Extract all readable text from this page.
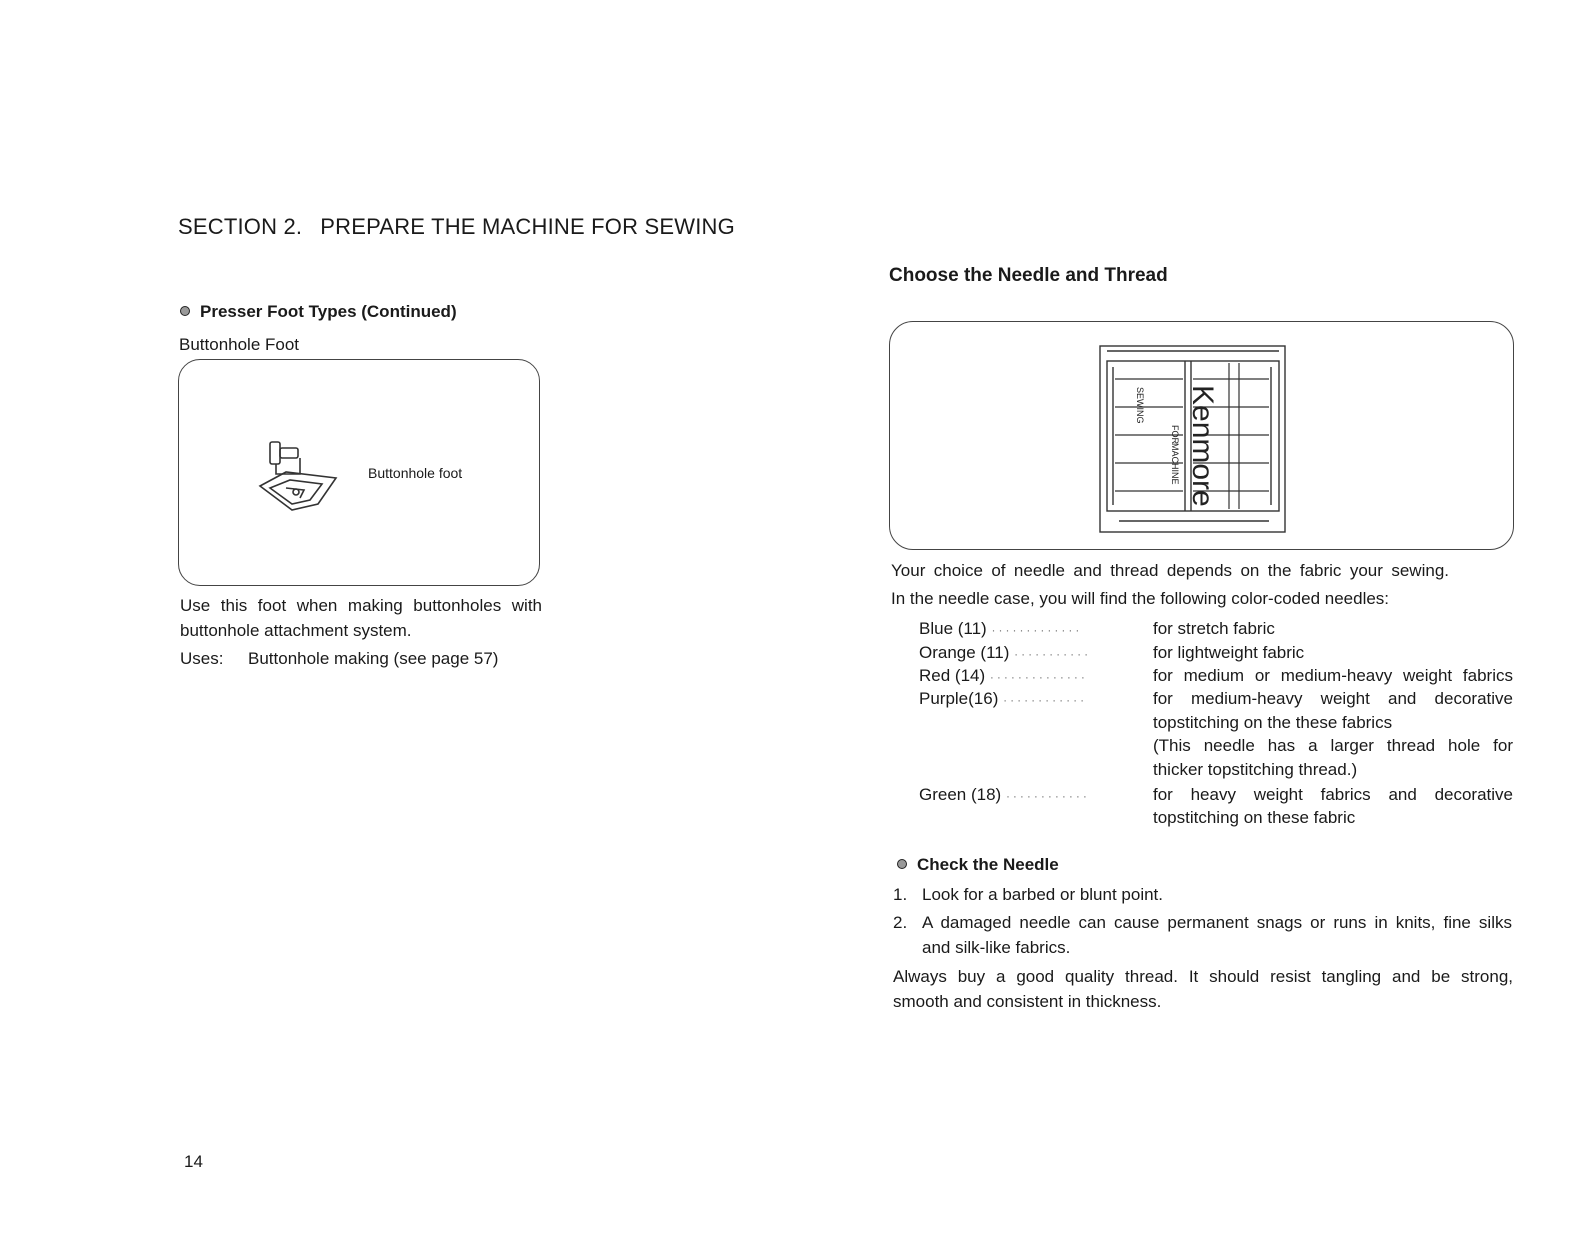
SECTION 2. PREPARE THE MACHINE FOR SEWING
Presser Foot Types (Continued)
Buttonhole Foot
Buttonhole foot
Use this foot when making buttonholes with
buttonhole attachment system.
Uses: Buttonhole making (see page 57)
14
Choose the Needle and Thread
SEWING
FOR
MACHINE Kenmore
Your choice of needle and thread depends on the fabric your sewing.
In the needle case, you will find the following color-coded needles:
Blue (11) ·············	for stretch fabric
Orange (11) ···········	for lightweight fabric
Red (14) ··············	for medium or medium-heavy weight fabrics
Purple(16) ············	for medium-heavy weight and decorative
topstitching on the these fabrics
(This needle has a larger thread hole for
thicker topstitching thread.)
Green (18) ············	for heavy weight fabrics and decorative
topstitching on these fabric
Check the Needle
1. Look for a barbed or blunt point.
2. A damaged needle can cause permanent snags or runs in knits, fine silks
and silk-like fabrics.
Always buy a good quality thread. It should resist tangling and be strong,
smooth and consistent in thickness.
